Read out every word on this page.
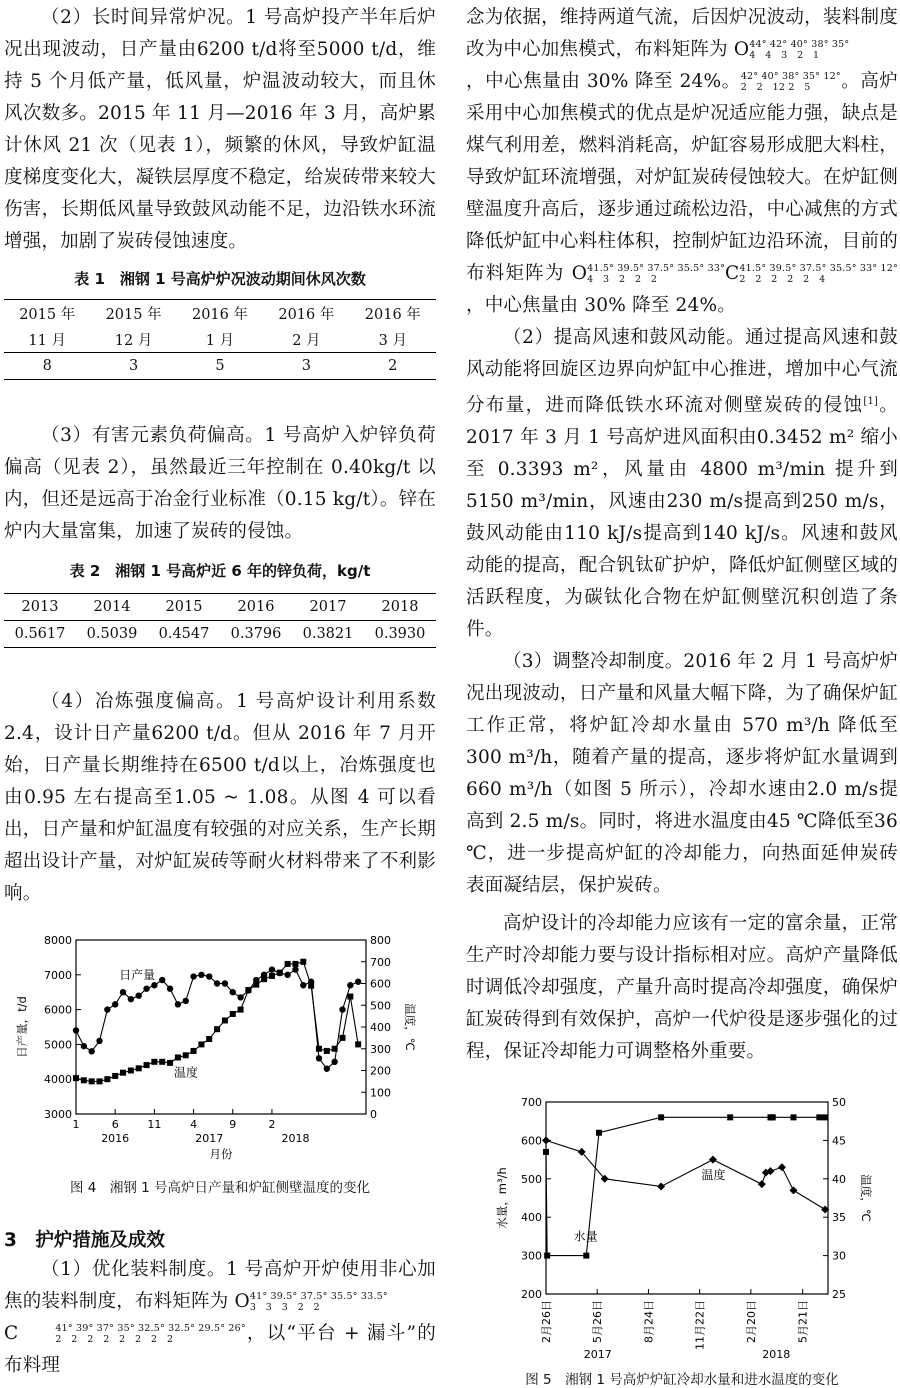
（2）长时间异常炉况。1 号高炉投产半年后炉况出现波动，日产量由6200 t/d将至5000 t/d，维持 5 个月低产量，低风量，炉温波动较大，而且休风次数多。2015 年 11 月—2016 年 3 月，高炉累计休风 21 次（见表 1），频繁的休风，导致炉缸温度梯度变化大，凝铁层厚度不稳定，给炭砖带来较大伤害，长期低风量导致鼓风动能不足，边沿铁水环流增强，加剧了炭砖侵蚀速度。

表 1　湘钢 1 号高炉炉况波动期间休风次数

2015 年	2015 年	2016 年	2016 年	2016 年
11 月	12 月	1 月	2 月	3 月
8	3	5	3	2

（3）有害元素负荷偏高。1 号高炉入炉锌负荷偏高（见表 2），虽然最近三年控制在 0.40kg/t 以内，但还是远高于冶金行业标准（0.15 kg/t）。锌在炉内大量富集，加速了炭砖的侵蚀。

表 2　湘钢 1 号高炉近 6 年的锌负荷，kg/t

2013	2014	2015	2016	2017	2018
0.5617	0.5039	0.4547	0.3796	0.3821	0.3930

（4）冶炼强度偏高。1 号高炉设计利用系数 2.4，设计日产量6200 t/d。但从 2016 年 7 月开始，日产量长期维持在6500 t/d以上，冶炼强度也由0.95 左右提高至1.05 ~ 1.08。从图 4 可以看出，日产量和炉缸温度有较强的对应关系，生产长期超出设计产量，对炉缸炭砖等耐火材料带来了不利影响。

3000
4000
5000
6000
7000
8000
0
100
200
300
400
500
600
700
800
1	6	11	4	9	2
2016	2017	2018
月份
日产量，t/d	温度，℃
日产量
温度

图 4　湘钢 1 号高炉日产量和炉缸侧壁温度的变化

3　护炉措施及成效

（1）优化装料制度。1 号高炉开炉使用非心加焦的装料制度，布料矩阵为 O 41° 39.5° 37.5° 35.5° 33.5°
3　3　3　2　2

C	41° 39° 37° 35° 32.5° 32.5° 29.5° 26°
2　2　2　2　2　2　2　2	，以“平台 + 漏斗”的布料理

念为依据，维持两道气流，后因炉况波动，装料制度改为中心加焦模式，布料矩阵为 O 44° 42° 40° 38° 35°
4　4　3　2　1

，中心焦量由 30% 降至 24%。 42° 40° 38° 35° 12°
2　2　12 2　5	。高炉采用中心加焦模式的优点是炉况适应能力强，缺点是煤气利用差，燃料消耗高，炉缸容易形成肥大料柱，导致炉缸环流增强，对炉缸炭砖侵蚀较大。在炉缸侧壁温度升高后，逐步通过疏松边沿，中心减焦的方式降低炉缸中心料柱体积，控制炉缸边沿环流，目前的布料矩阵为 O 41.5° 39.5° 37.5° 35.5° 33°
4　3　2　2　2	C 41.5° 39.5° 37.5° 35.5° 33° 12°
2　2　2　2　2　4
，中心焦量由 30% 降至 24%。

（2）提高风速和鼓风动能。通过提高风速和鼓风动能将回旋区边界向炉缸中心推进，增加中心气流分布量，进而降低铁水环流对侧壁炭砖的侵蚀[1]。2017 年 3 月 1 号高炉进风面积由0.3452 m² 缩小至 0.3393 m²，风量由 4800 m³/min 提升到 5150 m³/min，风速由230 m/s提高到250 m/s，鼓风动能由110 kJ/s提高到140 kJ/s。风速和鼓风动能的提高，配合钒钛矿护炉，降低炉缸侧壁区域的活跃程度，为碳钛化合物在炉缸侧壁沉积创造了条件。

（3）调整冷却制度。2016 年 2 月 1 号高炉炉况出现波动，日产量和风量大幅下降，为了确保炉缸工作正常，将炉缸冷却水量由 570 m³/h 降低至 300 m³/h，随着产量的提高，逐步将炉缸水量调到 660 m³/h（如图 5 所示），冷却水速由2.0 m/s提高到 2.5 m/s。同时，将进水温度由45 ℃降低至36 ℃，进一步提高炉缸的冷却能力，向热面延伸炭砖表面凝结层，保护炭砖。

高炉设计的冷却能力应该有一定的富余量，正常生产时冷却能力要与设计指标相对应。高炉产量降低时调低冷却强度，产量升高时提高冷却强度，确保炉缸炭砖得到有效保护，高炉一代炉役是逐步强化的过程，保证冷却能力可调整格外重要。

200
300
400
500
600
700
25
30
35
40
45
50
2月26日	5月26日	8月24日	11月22日	2月20日	5月21日
2017	2018
水量，m³/h	温度，℃
水量
温度

图 5　湘钢 1 号高炉炉缸冷却水量和进水温度的变化
